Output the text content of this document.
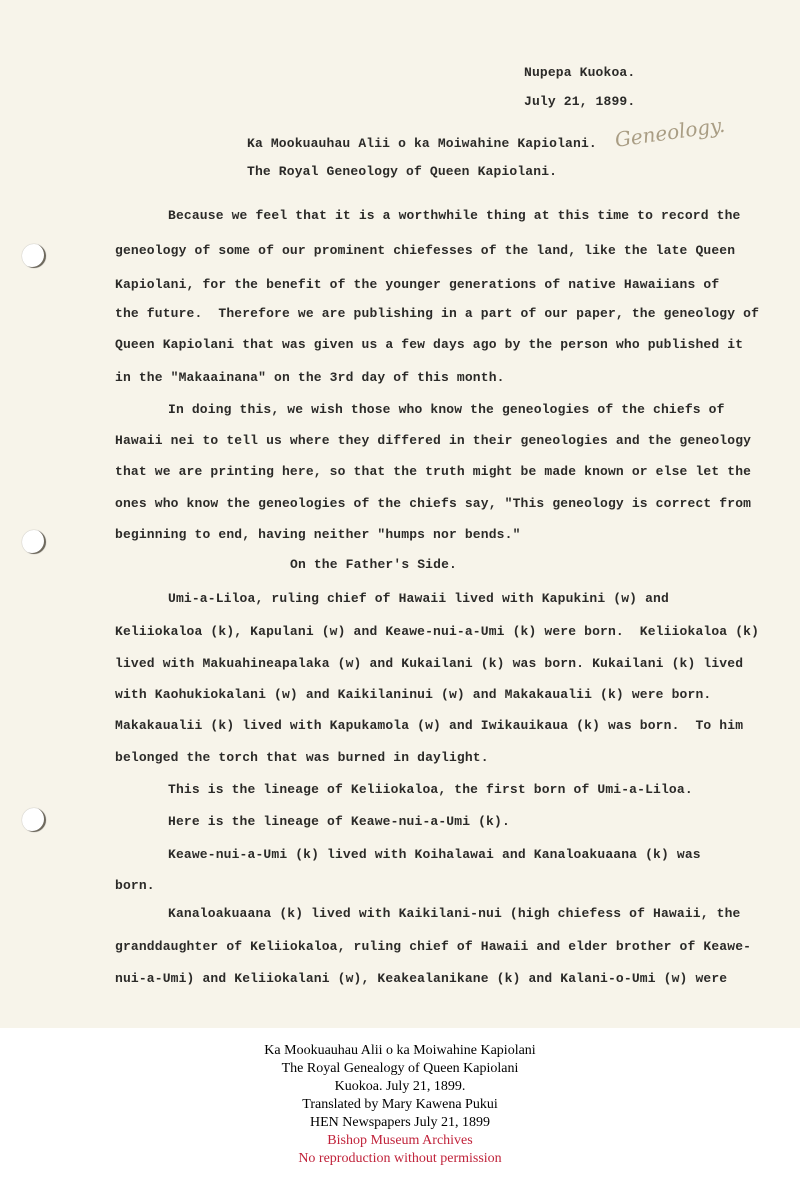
Nupepa Kuokoa.

July 21, 1899.

Ka Mookuauhau Alii o ka Moiwahine Kapiolani.

The Royal Geneology of Queen Kapiolani.

Geneology.

Because we feel that it is a worthwhile thing at this time to record the

geneology of some of our prominent chiefesses of the land, like the late Queen

Kapiolani, for the benefit of the younger generations of native Hawaiians of

the future.  Therefore we are publishing in a part of our paper, the geneology of

Queen Kapiolani that was given us a few days ago by the person who published it

in the "Makaainana" on the 3rd day of this month.

In doing this, we wish those who know the geneologies of the chiefs of

Hawaii nei to tell us where they differed in their geneologies and the geneology

that we are printing here, so that the truth might be made known or else let the

ones who know the geneologies of the chiefs say, "This geneology is correct from

beginning to end, having neither "humps nor bends."

On the Father's Side.

Umi-a-Liloa, ruling chief of Hawaii lived with Kapukini (w) and

Keliiokaloa (k), Kapulani (w) and Keawe-nui-a-Umi (k) were born.  Keliiokaloa (k)

lived with Makuahineapalaka (w) and Kukailani (k) was born. Kukailani (k) lived

with Kaohukiokalani (w) and Kaikilaninui (w) and Makakaualii (k) were born.

Makakaualii (k) lived with Kapukamola (w) and Iwikauikaua (k) was born.  To him

belonged the torch that was burned in daylight.

This is the lineage of Keliiokaloa, the first born of Umi-a-Liloa.

Here is the lineage of Keawe-nui-a-Umi (k).

Keawe-nui-a-Umi (k) lived with Koihalawai and Kanaloakuaana (k) was

born.

Kanaloakuaana (k) lived with Kaikilani-nui (high chiefess of Hawaii, the

granddaughter of Keliiokaloa, ruling chief of Hawaii and elder brother of Keawe-

nui-a-Umi) and Keliiokalani (w), Keakealanikane (k) and Kalani-o-Umi (w) were

Ka Mookuauhau Alii o ka Moiwahine Kapiolani
The Royal Genealogy of Queen Kapiolani
Kuokoa. July 21, 1899.
Translated by Mary Kawena Pukui
HEN Newspapers July 21, 1899
Bishop Museum Archives
No reproduction without permission
